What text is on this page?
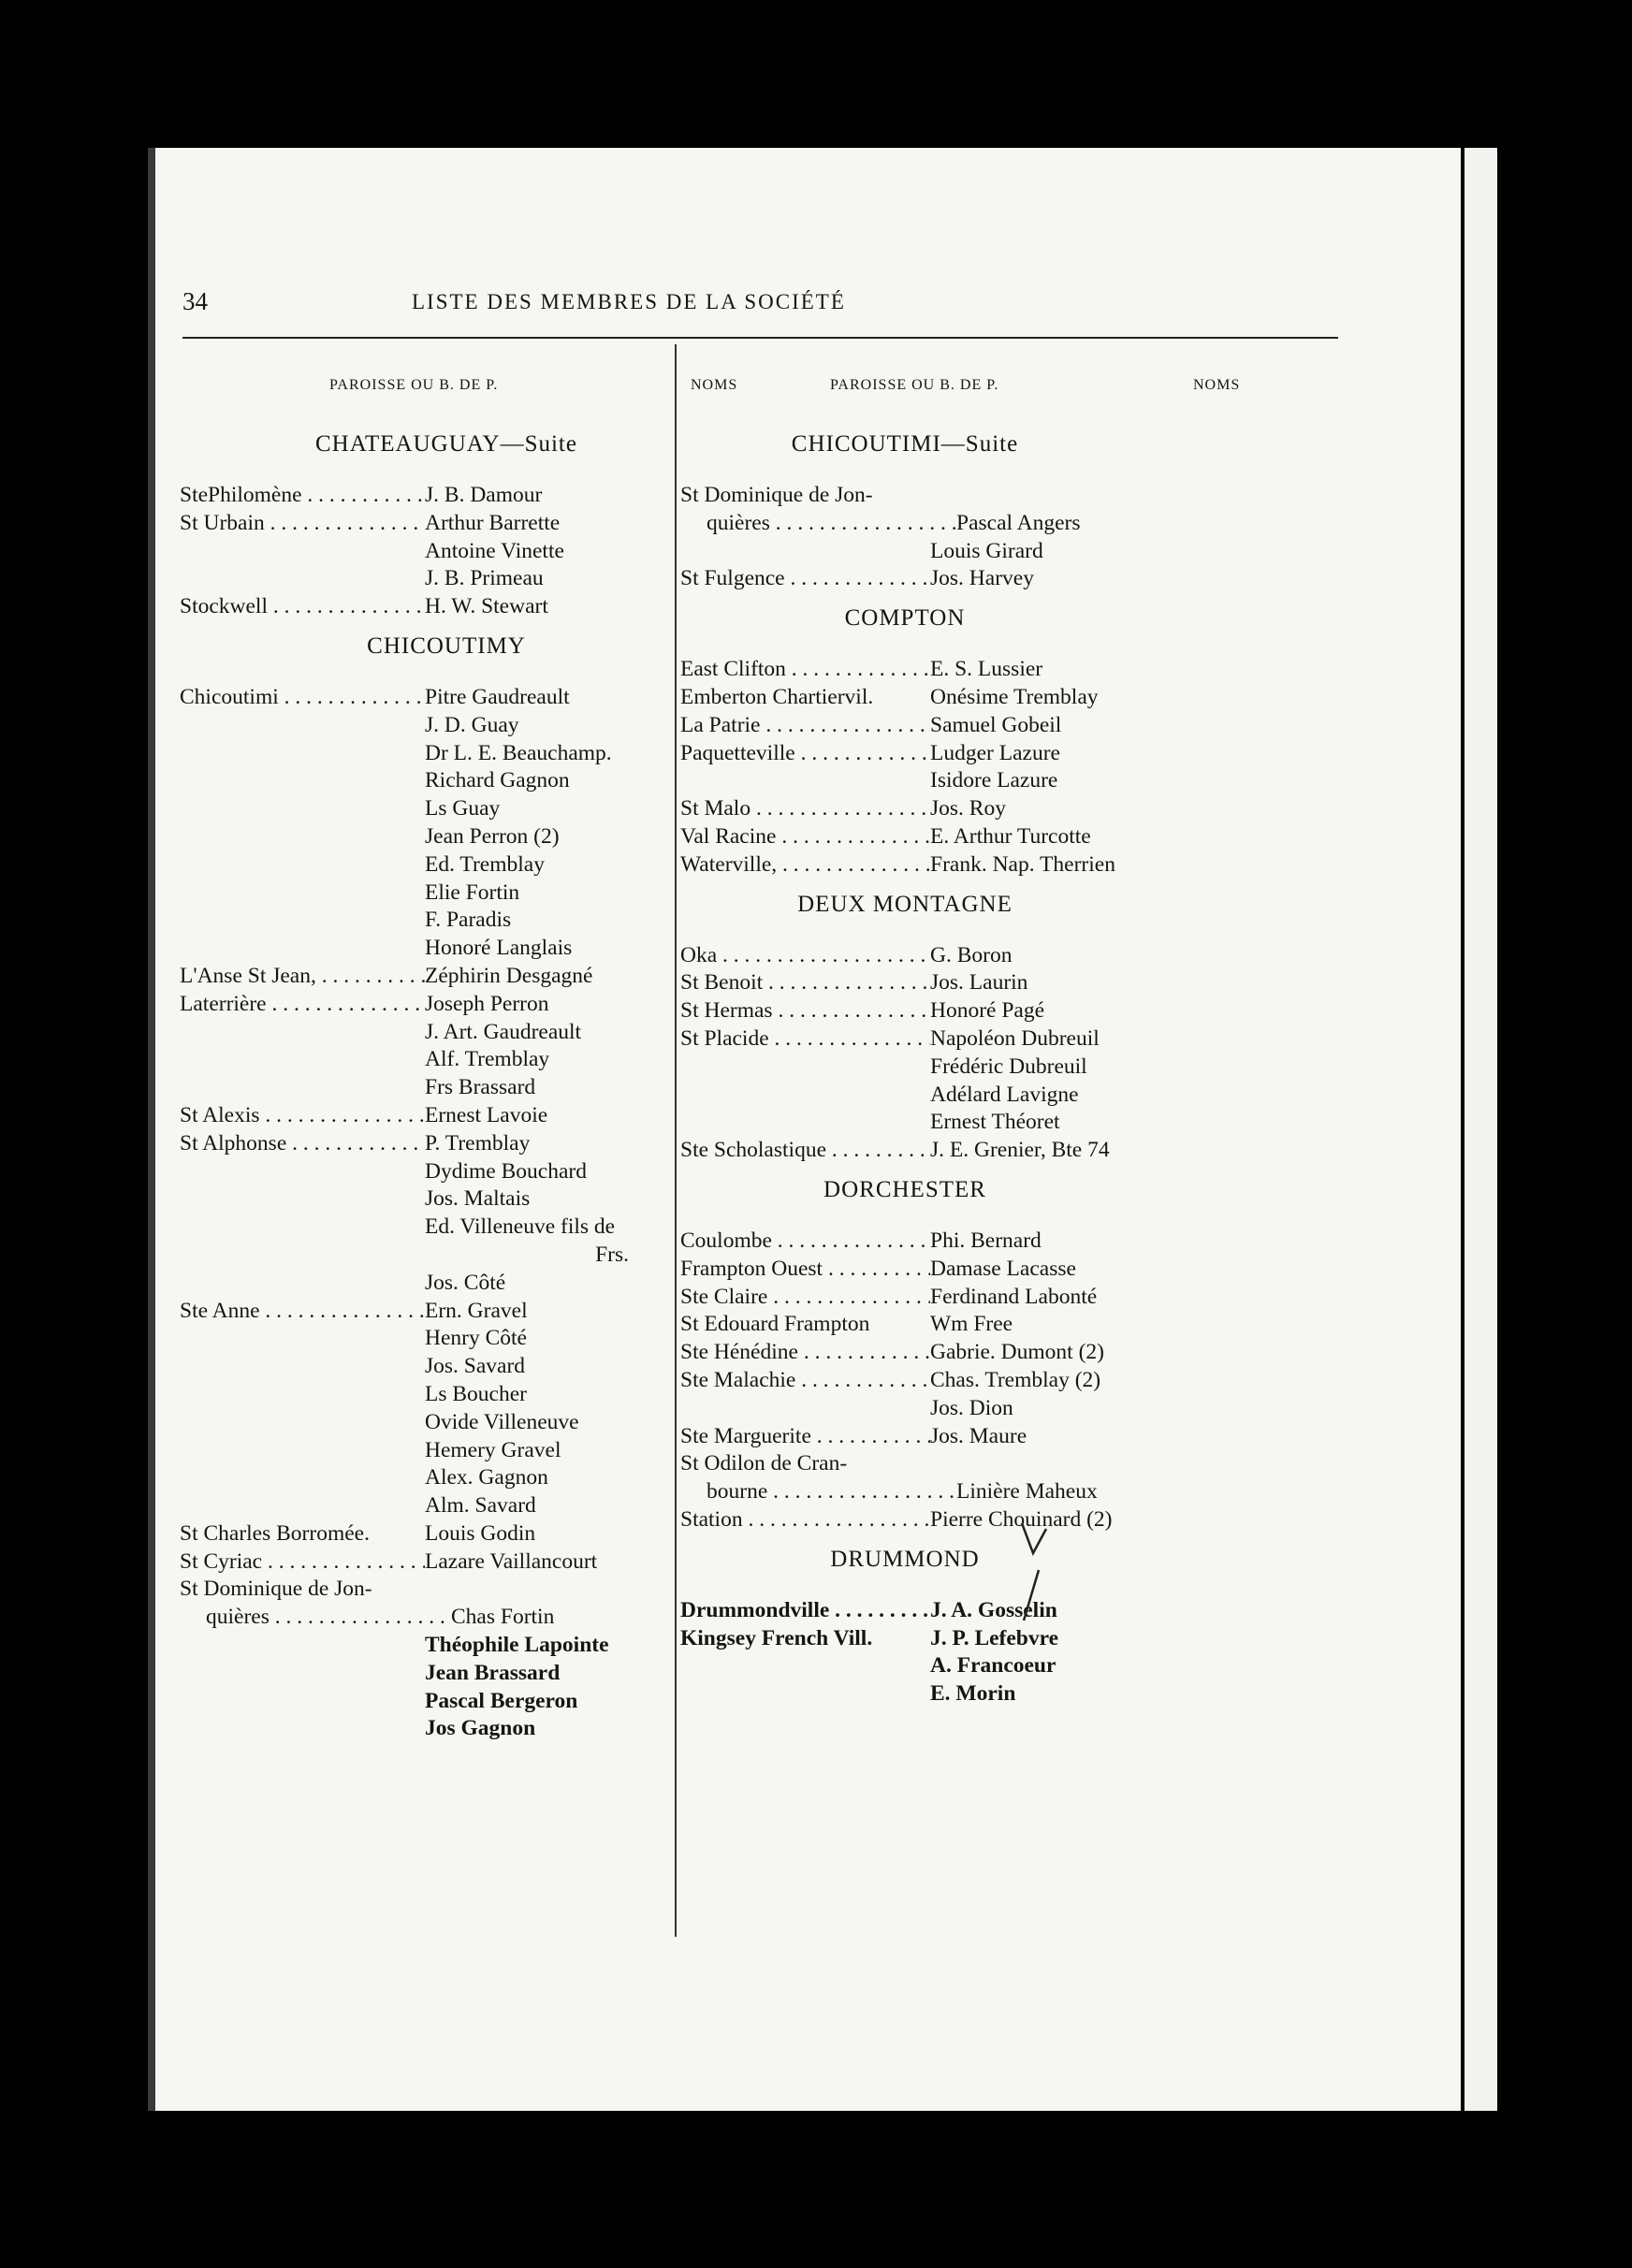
34	LISTE DES MEMBRES DE LA SOCIÉTÉ
PAROISSE OU B. DE P.	NOMS	PAROISSE OU B. DE P.	NOMS
CHATEAUGUAY—Suite
StePhilomène . . .	J. B. Damour
St Urbain . . .	Arthur Barrette
Antoine Vinette
J. B. Primeau
Stockwell . . .	H. W. Stewart
CHICOUTIMY
Chicoutimi . . .	Pitre Gaudreault
J. D. Guay
Dr L. E. Beauchamp.
Richard Gagnon
Ls Guay
Jean Perron (2)
Ed. Tremblay
Elie Fortin
F. Paradis
Honoré Langlais
L'Anse St Jean, . . .	Zéphirin Desgagné
Laterrière . . .	Joseph Perron
J. Art. Gaudreault
Alf. Tremblay
Frs Brassard
St Alexis . . .	Ernest Lavoie
St Alphonse . . .	P. Tremblay
Dydime Bouchard
Jos. Maltais
Ed. Villeneuve fils de
Frs.
Jos. Côté
Ste Anne . . .	Ern. Gravel
Henry Côté
Jos. Savard
Ls Boucher
Ovide Villeneuve
Hemery Gravel
Alex. Gagnon
Alm. Savard
St Charles Borromée.	Louis Godin
St Cyriac . . .	Lazare Vaillancourt
St Dominique de Jon-
quières . . .	Chas Fortin
Théophile Lapointe
Jean Brassard
Pascal Bergeron
Jos Gagnon
CHICOUTIMI—Suite
St Dominique de Jon-
quières . . .	Pascal Angers
Louis Girard
St Fulgence . . .	Jos. Harvey
COMPTON
East Clifton . . .	E. S. Lussier
Emberton Chartiervil.	Onésime Tremblay
La Patrie . . .	Samuel Gobeil
Paquetteville . . .	Ludger Lazure
Isidore Lazure
St Malo . . .	Jos. Roy
Val Racine . . .	E. Arthur Turcotte
Waterville, . . .	Frank. Nap. Therrien
DEUX MONTAGNE
Oka . . .	G. Boron
St Benoit . . .	Jos. Laurin
St Hermas . . .	Honoré Pagé
St Placide . . .	Napoléon Dubreuil
Frédéric Dubreuil
Adélard Lavigne
Ernest Théoret
Ste Scholastique . . .	J. E. Grenier, Bte 74
DORCHESTER
Coulombe . . .	Phi. Bernard
Frampton Ouest . . .	Damase Lacasse
Ste Claire . . .	Ferdinand Labonté
St Edouard Frampton	Wm Free
Ste Hénédine . . .	Gabrie. Dumont (2)
Ste Malachie . . .	Chas. Tremblay (2)
Jos. Dion
Ste Marguerite . . .	Jos. Maure
St Odilon de Cran-
bourne . . .	Linière Maheux
Station . . .	Pierre Chouinard (2)
DRUMMOND
Drummondville . . .	J. A. Gosselin
Kingsey French Vill.	J. P. Lefebvre
A. Francoeur
E. Morin
